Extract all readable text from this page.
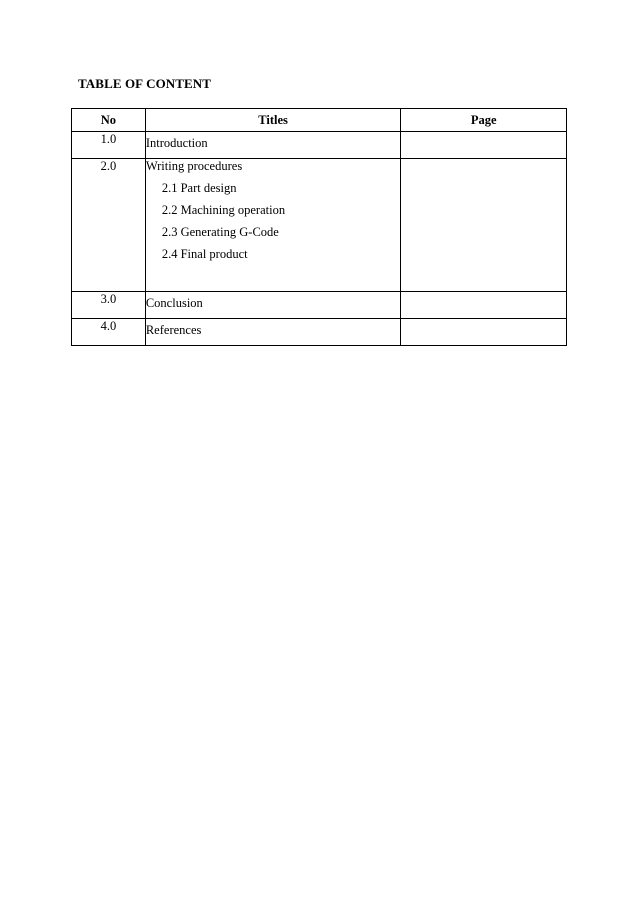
TABLE OF CONTENT
No	Titles	Page
1.0	Introduction	
2.0	Writing procedures
2.1 Part design
2.2 Machining operation
2.3 Generating G-Code
2.4 Final product	

3.0	Conclusion	
4.0	References	
